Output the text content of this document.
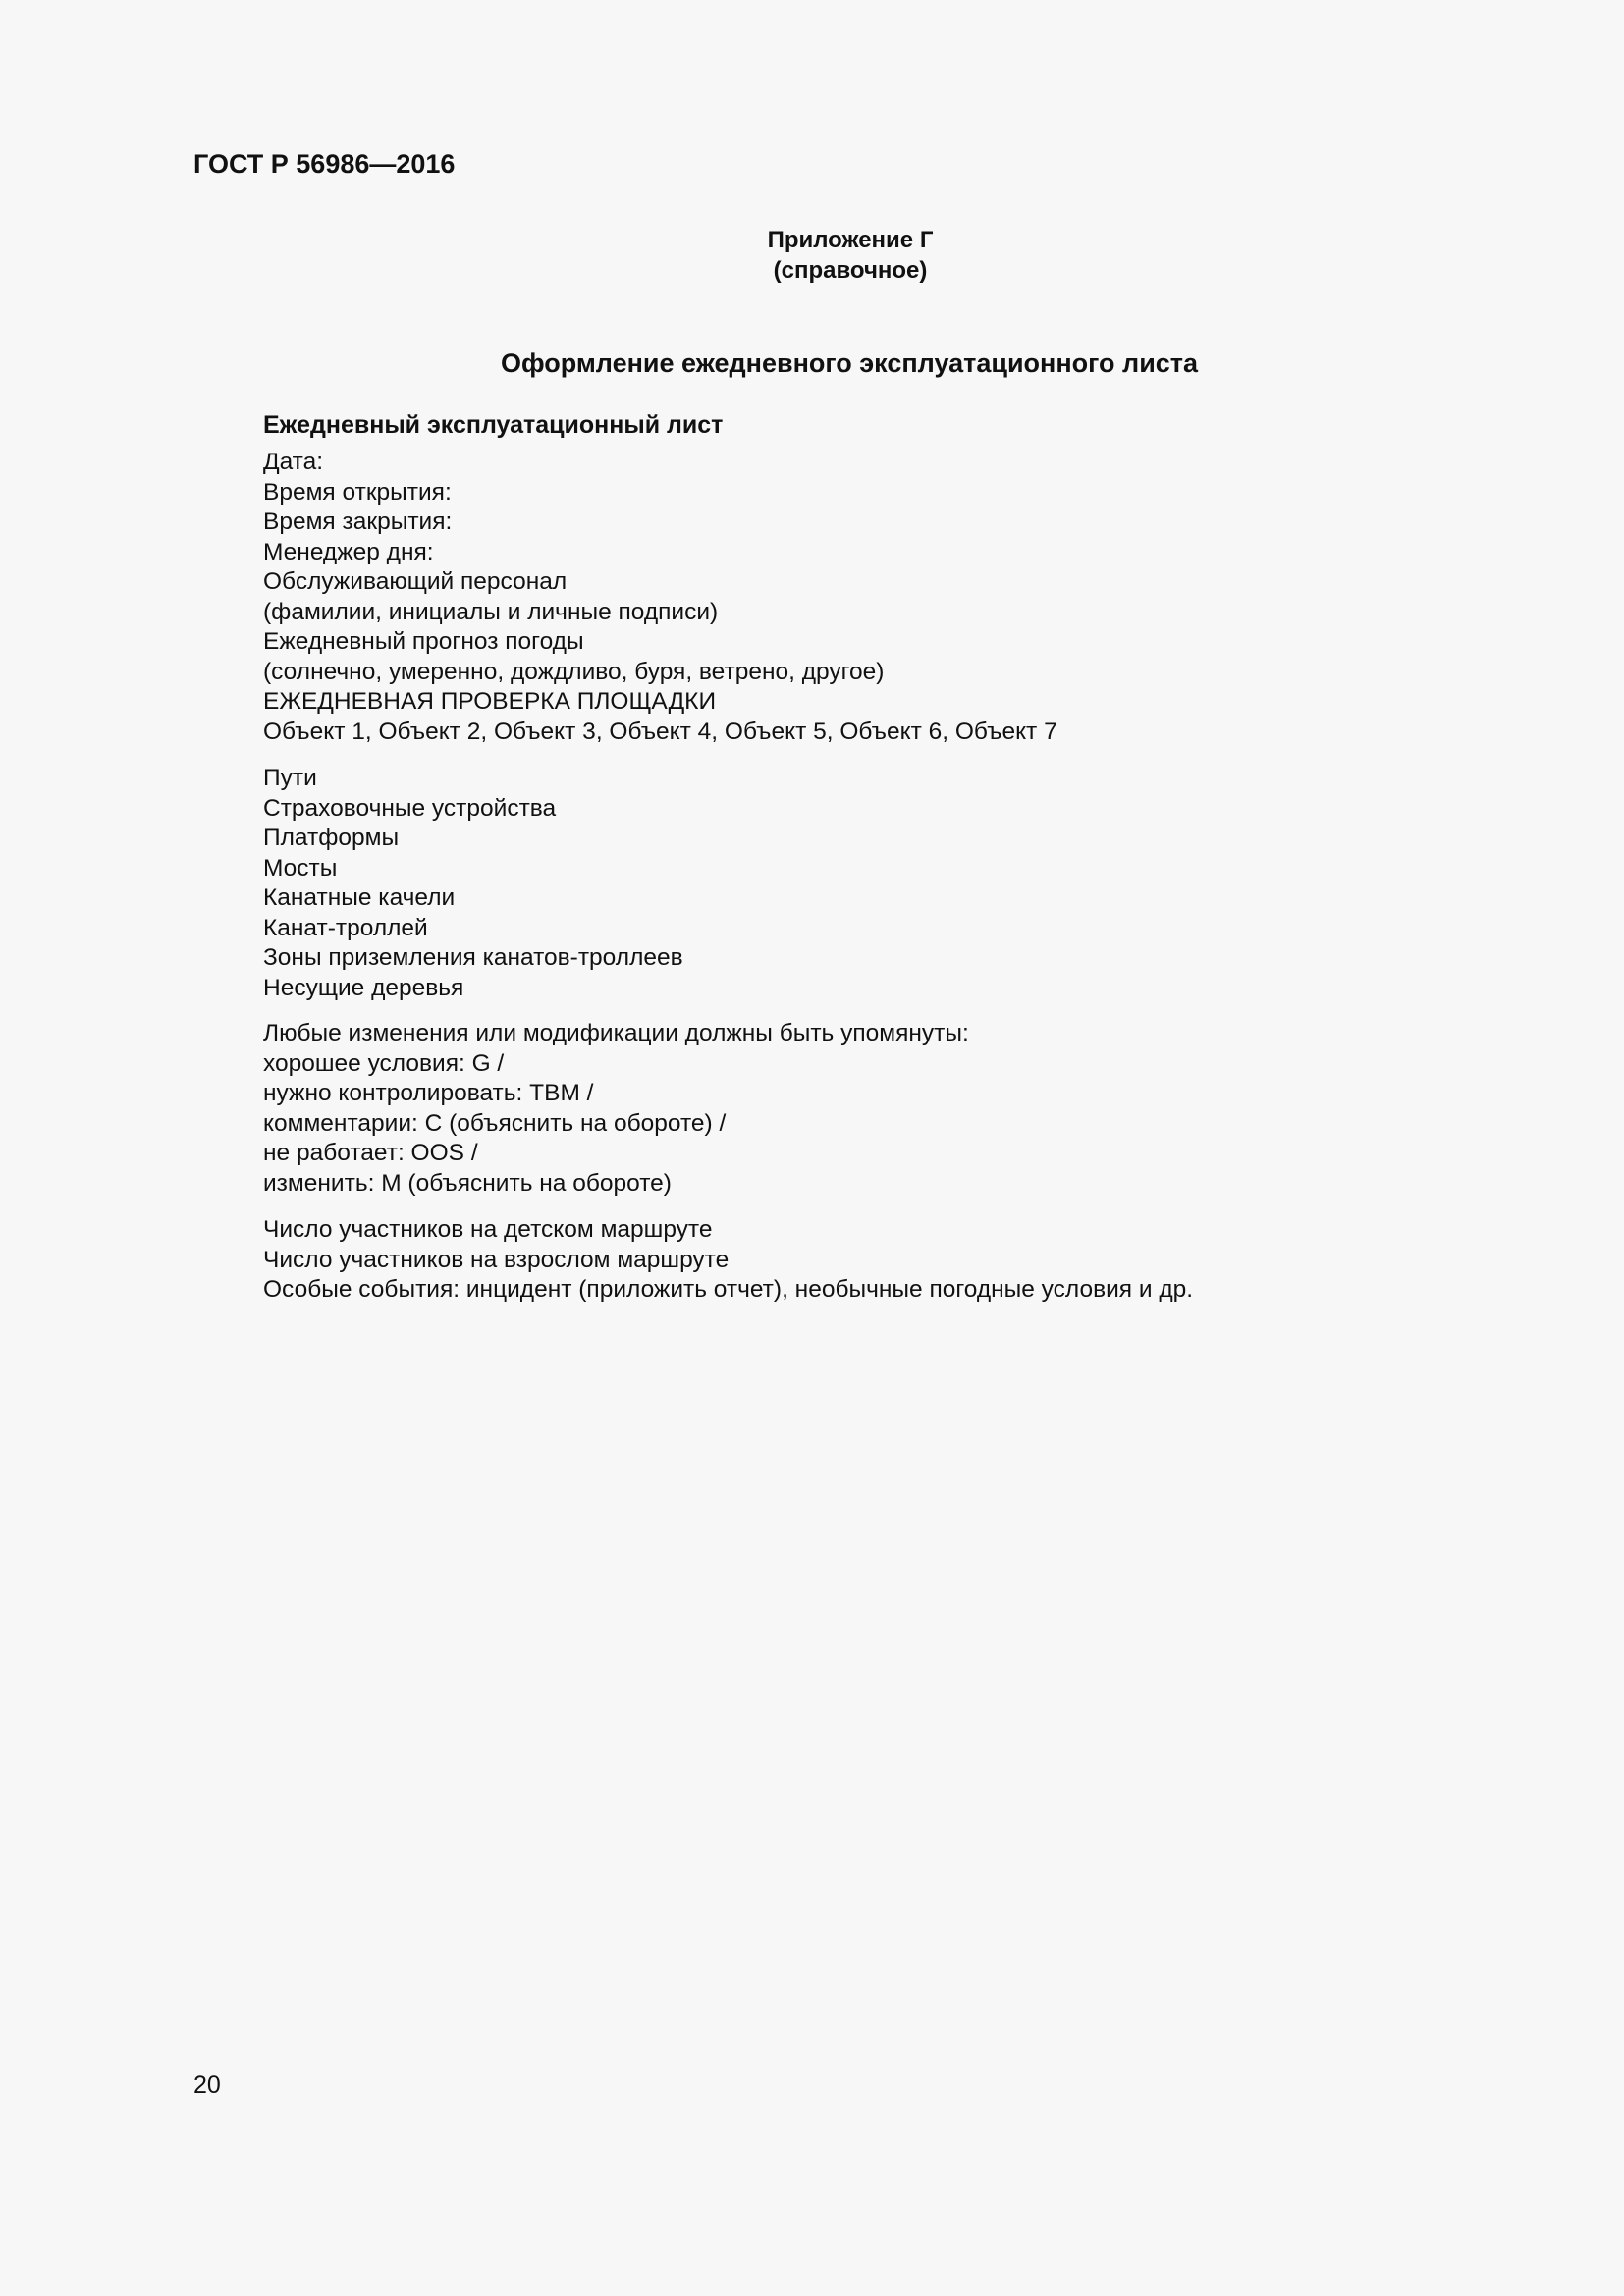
ГОСТ Р 56986—2016
Приложение Г
(справочное)
Оформление ежедневного эксплуатационного листа
Ежедневный эксплуатационный лист
Дата:
Время открытия:
Время закрытия:
Менеджер дня:
Обслуживающий персонал
(фамилии, инициалы и личные подписи)
Ежедневный прогноз погоды
(солнечно, умеренно, дождливо, буря, ветрено, другое)
ЕЖЕДНЕВНАЯ ПРОВЕРКА ПЛОЩАДКИ
Объект 1, Объект 2, Объект 3, Объект 4, Объект 5, Объект 6, Объект 7
Пути
Страховочные устройства
Платформы
Мосты
Канатные качели
Канат-троллей
Зоны приземления канатов-троллеев
Несущие деревья
Любые изменения или модификации должны быть упомянуты:
хорошее условия: G /
нужно контролировать: TBM /
комментарии: С (объяснить на обороте) /
не работает: OOS /
изменить: М (объяснить на обороте)
Число участников на детском маршруте
Число участников на взрослом маршруте
Особые события: инцидент (приложить отчет), необычные погодные условия и др.
20
